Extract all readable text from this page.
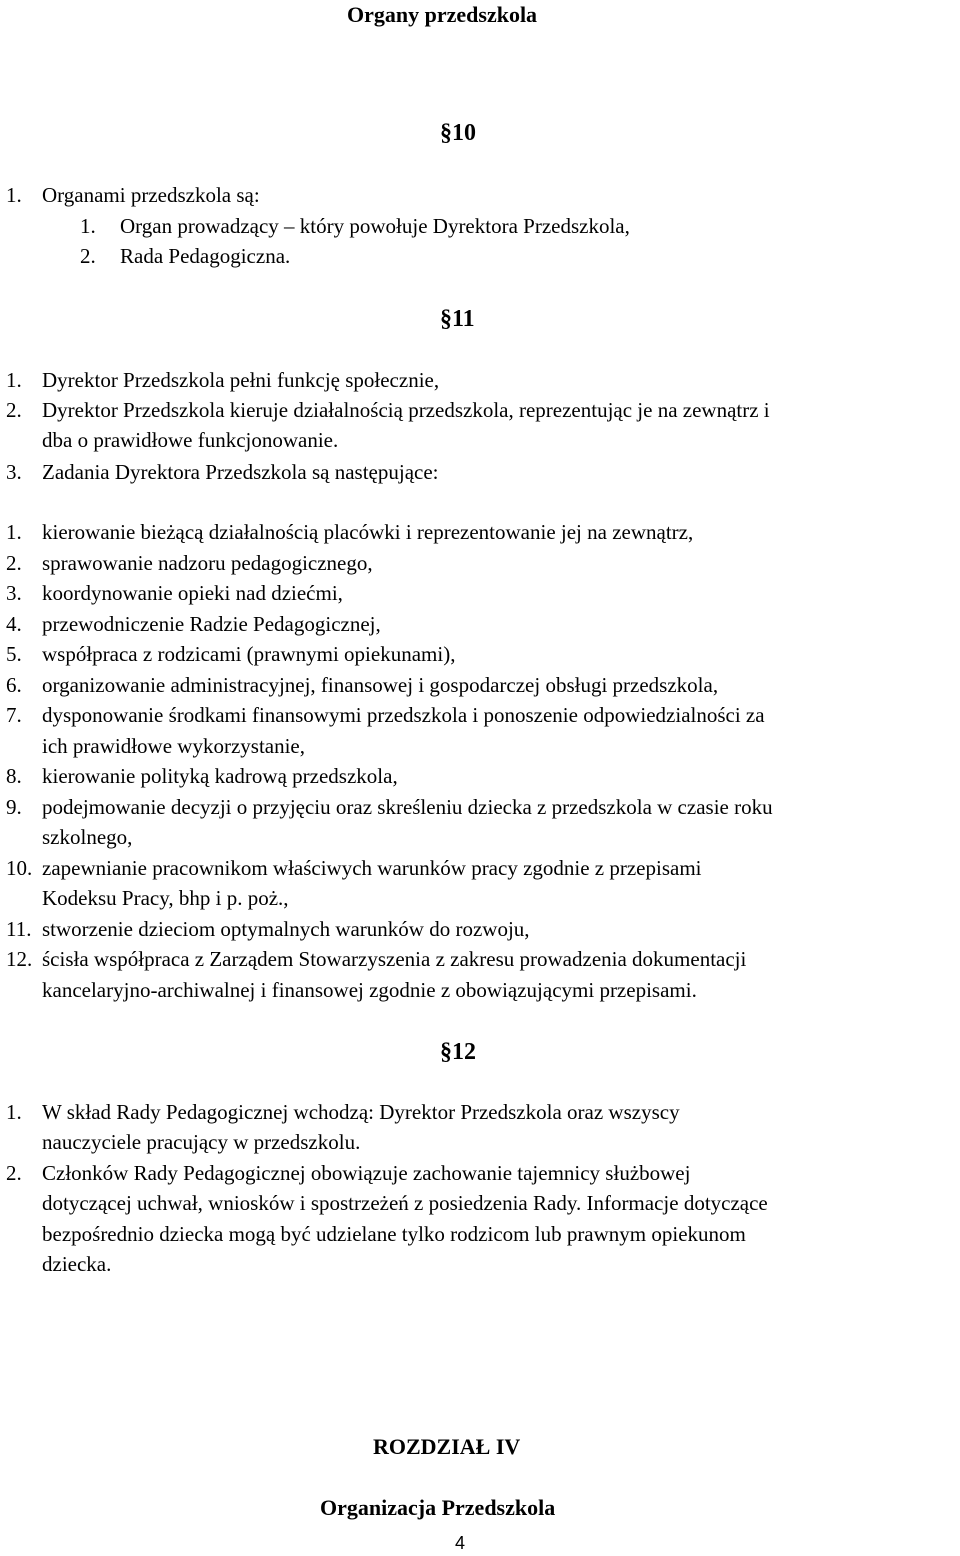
Organy przedszkola
§10
1. Organami przedszkola są:
1. Organ prowadzący – który powołuje Dyrektora Przedszkola,
2. Rada Pedagogiczna.
§11
1. Dyrektor Przedszkola pełni funkcję społecznie,
2. Dyrektor Przedszkola kieruje działalnością przedszkola, reprezentując je na zewnątrz i
dba o prawidłowe funkcjonowanie.
3. Zadania Dyrektora Przedszkola są następujące:
1. kierowanie bieżącą działalnością placówki i reprezentowanie jej na zewnątrz,
2. sprawowanie nadzoru pedagogicznego,
3. koordynowanie opieki nad dziećmi,
4. przewodniczenie Radzie Pedagogicznej,
5. współpraca z rodzicami (prawnymi opiekunami),
6. organizowanie administracyjnej, finansowej i gospodarczej obsługi przedszkola,
7. dysponowanie środkami finansowymi przedszkola i ponoszenie odpowiedzialności za
ich prawidłowe wykorzystanie,
8. kierowanie polityką kadrową przedszkola,
9. podejmowanie decyzji o przyjęciu oraz skreśleniu dziecka z przedszkola w czasie roku
szkolnego,
10. zapewnianie pracownikom właściwych warunków pracy zgodnie z przepisami
Kodeksu Pracy, bhp i p. poż.,
11. stworzenie dzieciom optymalnych warunków do rozwoju,
12. ścisła współpraca z Zarządem Stowarzyszenia z zakresu prowadzenia dokumentacji
kancelaryjno-archiwalnej i finansowej zgodnie z obowiązującymi przepisami.
§12
1. W skład Rady Pedagogicznej wchodzą: Dyrektor Przedszkola oraz wszyscy
nauczyciele pracujący w przedszkolu.
2. Członków Rady Pedagogicznej obowiązuje zachowanie tajemnicy służbowej
dotyczącej uchwał, wniosków i spostrzeżeń z posiedzenia Rady. Informacje dotyczące
bezpośrednio dziecka mogą być udzielane tylko rodzicom lub prawnym opiekunom
dziecka.
ROZDZIAŁ IV
Organizacja Przedszkola
4
